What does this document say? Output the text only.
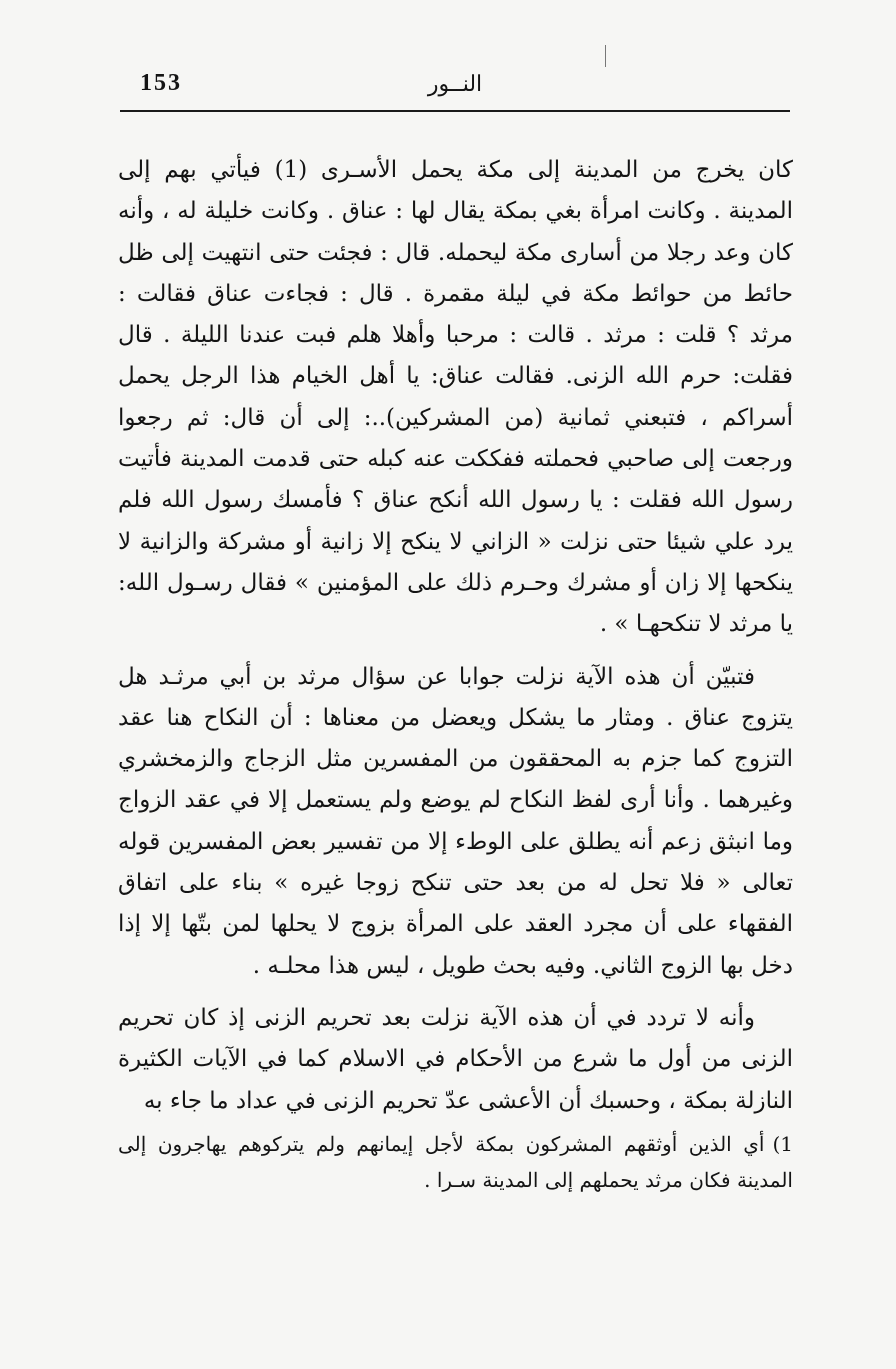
153	النــور

كان يخرج من المدينة إلى مكة يحمل الأسـرى (1) فيأتي بهم إلى المدينة . وكانت امرأة بغي بمكة يقال لها : عناق . وكانت خليلة له ، وأنه كان وعد رجلا من أسارى مكة ليحمله. قال : فجئت حتى انتهيت إلى ظل حائط من حوائط مكة في ليلة مقمرة . قال : فجاءت عناق فقالت : مرثد ؟ قلت : مرثد . قالت : مرحبا وأهلا هلم فبت عندنا الليلة . قال فقلت: حرم الله الزنى. فقالت عناق: يا أهل الخيام هذا الرجل يحمل أسراكم ، فتبعني ثمانية (من المشركين)..: إلى أن قال: ثم رجعوا ورجعت إلى صاحبي فحملته ففككت عنه كبله حتى قدمت المدينة فأتيت رسول الله فقلت : يا رسول الله أنكح عناق ؟ فأمسك رسول الله فلم يرد علي شيئا حتى نزلت « الزاني لا ينكح إلا زانية أو مشركة والزانية لا ينكحها إلا زان أو مشرك وحـرم ذلك على المؤمنين » فقال رسـول الله: يا مرثد لا تنكحهـا » .

فتبيّن أن هذه الآية نزلت جوابا عن سؤال مرثد بن أبي مرثـد هل يتزوج عناق . ومثار ما يشكل ويعضل من معناها : أن النكاح هنا عقد التزوج كما جزم به المحققون من المفسرين مثل الزجاج والزمخشري وغيرهما . وأنا أرى لفظ النكاح لم يوضع ولم يستعمل إلا في عقد الزواج وما انبثق زعم أنه يطلق على الوطء إلا من تفسير بعض المفسرين قوله تعالى « فلا تحل له من بعد حتى تنكح زوجا غيره » بناء على اتفاق الفقهاء على أن مجرد العقد على المرأة بزوج لا يحلها لمن بتّها إلا إذا دخل بها الزوج الثاني. وفيه بحث طويل ، ليس هذا محلـه .

وأنه لا تردد في أن هذه الآية نزلت بعد تحريم الزنى إذ كان تحريم الزنى من أول ما شرع من الأحكام في الاسلام كما في الآيات الكثيرة النازلة بمكة ، وحسبك أن الأعشى عدّ تحريم الزنى في عداد ما جاء به

1)أي الذين أوثقهم المشركون بمكة لأجل إيمانهم ولم يتركوهم يهاجرون إلى المدينة فكان مرثد يحملهم إلى المدينة سـرا .
